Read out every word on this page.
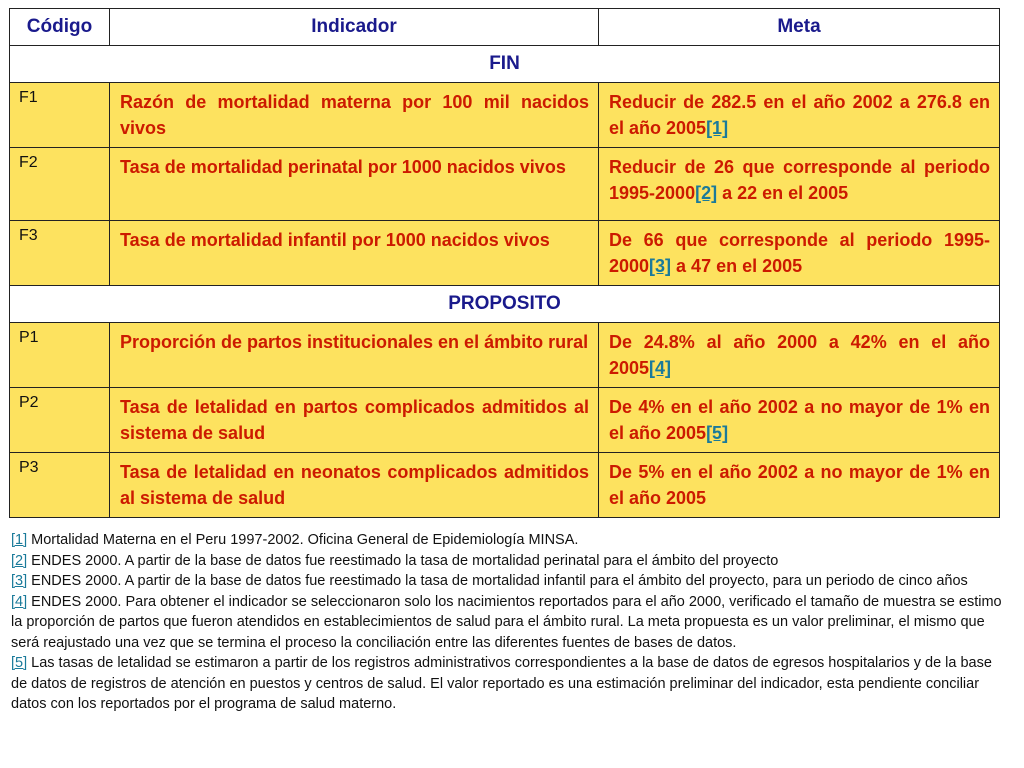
Código	Indicador	Meta
FIN		
F1	Razón de mortalidad materna por 100 mil nacidos vivos	Reducir de 282.5 en el año 2002 a 276.8 en el año 2005[1]
F2	Tasa de mortalidad perinatal por 1000 nacidos vivos	Reducir de 26 que corresponde al periodo 1995-2000[2] a 22 en el 2005
F3	Tasa de mortalidad infantil por 1000 nacidos vivos	De 66 que corresponde al periodo 1995-2000[3] a 47 en el 2005
PROPOSITO		
P1	Proporción de partos institucionales en el ámbito rural	De 24.8% al año 2000 a 42% en el año 2005[4]
P2	Tasa de letalidad en partos complicados admitidos al sistema de salud	De 4% en el año 2002 a no mayor de 1% en el año 2005[5]
P3	Tasa de letalidad en neonatos complicados admitidos al sistema de salud	De 5% en el año 2002 a no mayor de 1% en el año 2005

[1] Mortalidad Materna en el Peru 1997-2002. Oficina General de Epidemiología MINSA.

[2] ENDES 2000. A partir de la base de datos fue reestimado la tasa de mortalidad perinatal para el ámbito del proyecto

[3] ENDES 2000. A partir de la base de datos fue reestimado la tasa de mortalidad infantil para el ámbito del proyecto, para un periodo de cinco años

[4] ENDES 2000. Para obtener el indicador se seleccionaron solo los nacimientos reportados para el año 2000, verificado el tamaño de muestra se estimo la proporción de partos que fueron atendidos en establecimientos de salud para el ámbito rural. La meta propuesta es un valor preliminar, el mismo que será reajustado una vez que se termina el proceso la conciliación entre las diferentes fuentes de bases de datos.

[5] Las tasas de letalidad se estimaron a partir de los registros administrativos correspondientes a la base de datos de egresos hospitalarios y de la base de datos de registros de atención en puestos y centros de salud. El valor reportado es una estimación preliminar del indicador, esta pendiente conciliar datos con los reportados por el programa de salud materno.
